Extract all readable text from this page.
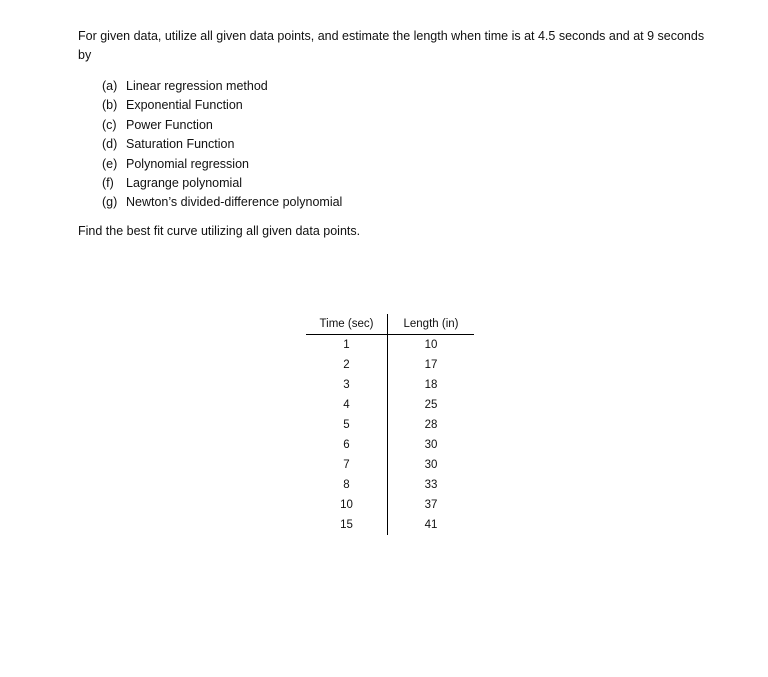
For given data, utilize all given data points, and estimate the length when time is at 4.5 seconds and at 9 seconds by

(a) Linear regression method
(b) Exponential Function
(c) Power Function
(d) Saturation Function
(e) Polynomial regression
(f) Lagrange polynomial
(g) Newton’s divided-difference polynomial

Find the best fit curve utilizing all given data points.

Time (sec)	Length (in)
1	10
2	17
3	18
4	25
5	28
6	30
7	30
8	33
10	37
15	41
